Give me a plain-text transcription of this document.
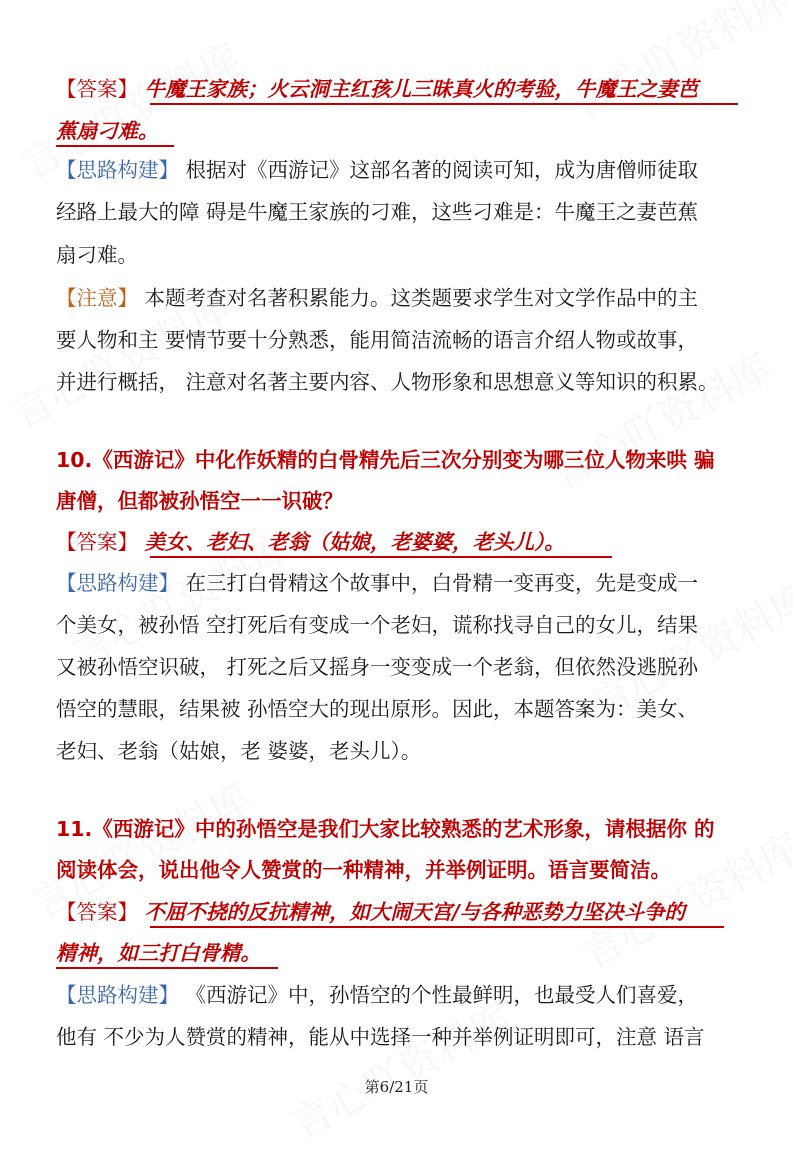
【答案】 牛魔王家族；火云洞主红孩儿三昧真火的考验，牛魔王之妻芭
蕉扇刁难。
【思路构建】 根据对《西游记》这部名著的阅读可知，成为唐僧师徒取
经路上最大的障 碍是牛魔王家族的刁难，这些刁难是：牛魔王之妻芭蕉
扇刁难。
【注意】 本题考查对名著积累能力。这类题要求学生对文学作品中的主
要人物和主 要情节要十分熟悉，能用简洁流畅的语言介绍人物或故事，
并进行概括， 注意对名著主要内容、人物形象和思想意义等知识的积累。
10.《西游记》中化作妖精的白骨精先后三次分别变为哪三位人物来哄 骗
唐僧，但都被孙悟空一一识破？
【答案】 美女、老妇、老翁（姑娘，老婆婆，老头儿）。
【思路构建】 在三打白骨精这个故事中，白骨精一变再变，先是变成一
个美女，被孙悟 空打死后有变成一个老妇，谎称找寻自己的女儿，结果
又被孙悟空识破， 打死之后又摇身一变变成一个老翁，但依然没逃脱孙
悟空的慧眼，结果被 孙悟空大的现出原形。因此，本题答案为：美女、
老妇、老翁（姑娘，老 婆婆，老头儿）。
11.《西游记》中的孙悟空是我们大家比较熟悉的艺术形象，请根据你 的
阅读体会，说出他令人赞赏的一种精神，并举例证明。语言要简洁。
【答案】 不屈不挠的反抗精神，如大闹天宫/与各种恶势力坚决斗争的
精神，如三打白骨精。
【思路构建】 《西游记》中，孙悟空的个性最鲜明，也最受人们喜爱，
他有 不少为人赞赏的精神，能从中选择一种并举例证明即可，注意 语言
第6/21页
